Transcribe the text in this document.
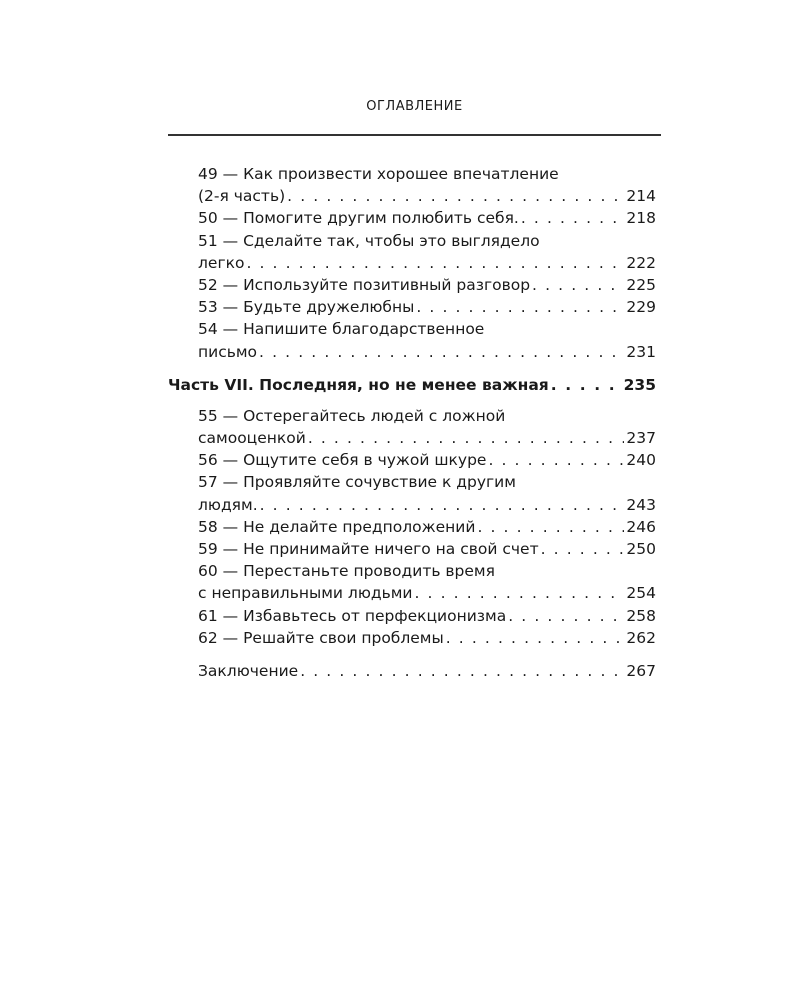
ОГЛАВЛЕНИЕ
49 — Как произвести хорошее впечатление
(2-я часть) . . .	214
50 — Помогите другим полюбить себя. . . .	218
51 — Сделайте так, чтобы это выглядело
легко . . .	222
52 — Используйте позитивный разговор . . .	225
53 — Будьте дружелюбны . . .	229
54 — Напишите благодарственное
письмо . . .	231
Часть VII. Последняя, но не менее важная . . .	235
55 — Остерегайтесь людей с ложной
самооценкой . . .	237
56 — Ощутите себя в чужой шкуре . . .	240
57 — Проявляйте сочувствие к другим
людям. . . .	243
58 — Не делайте предположений . . .	246
59 — Не принимайте ничего на свой счет . . .	250
60 — Перестаньте проводить время
с неправильными людьми . . .	254
61 — Избавьтесь от перфекционизма . . .	258
62 — Решайте свои проблемы . . .	262
Заключение . . .	267
